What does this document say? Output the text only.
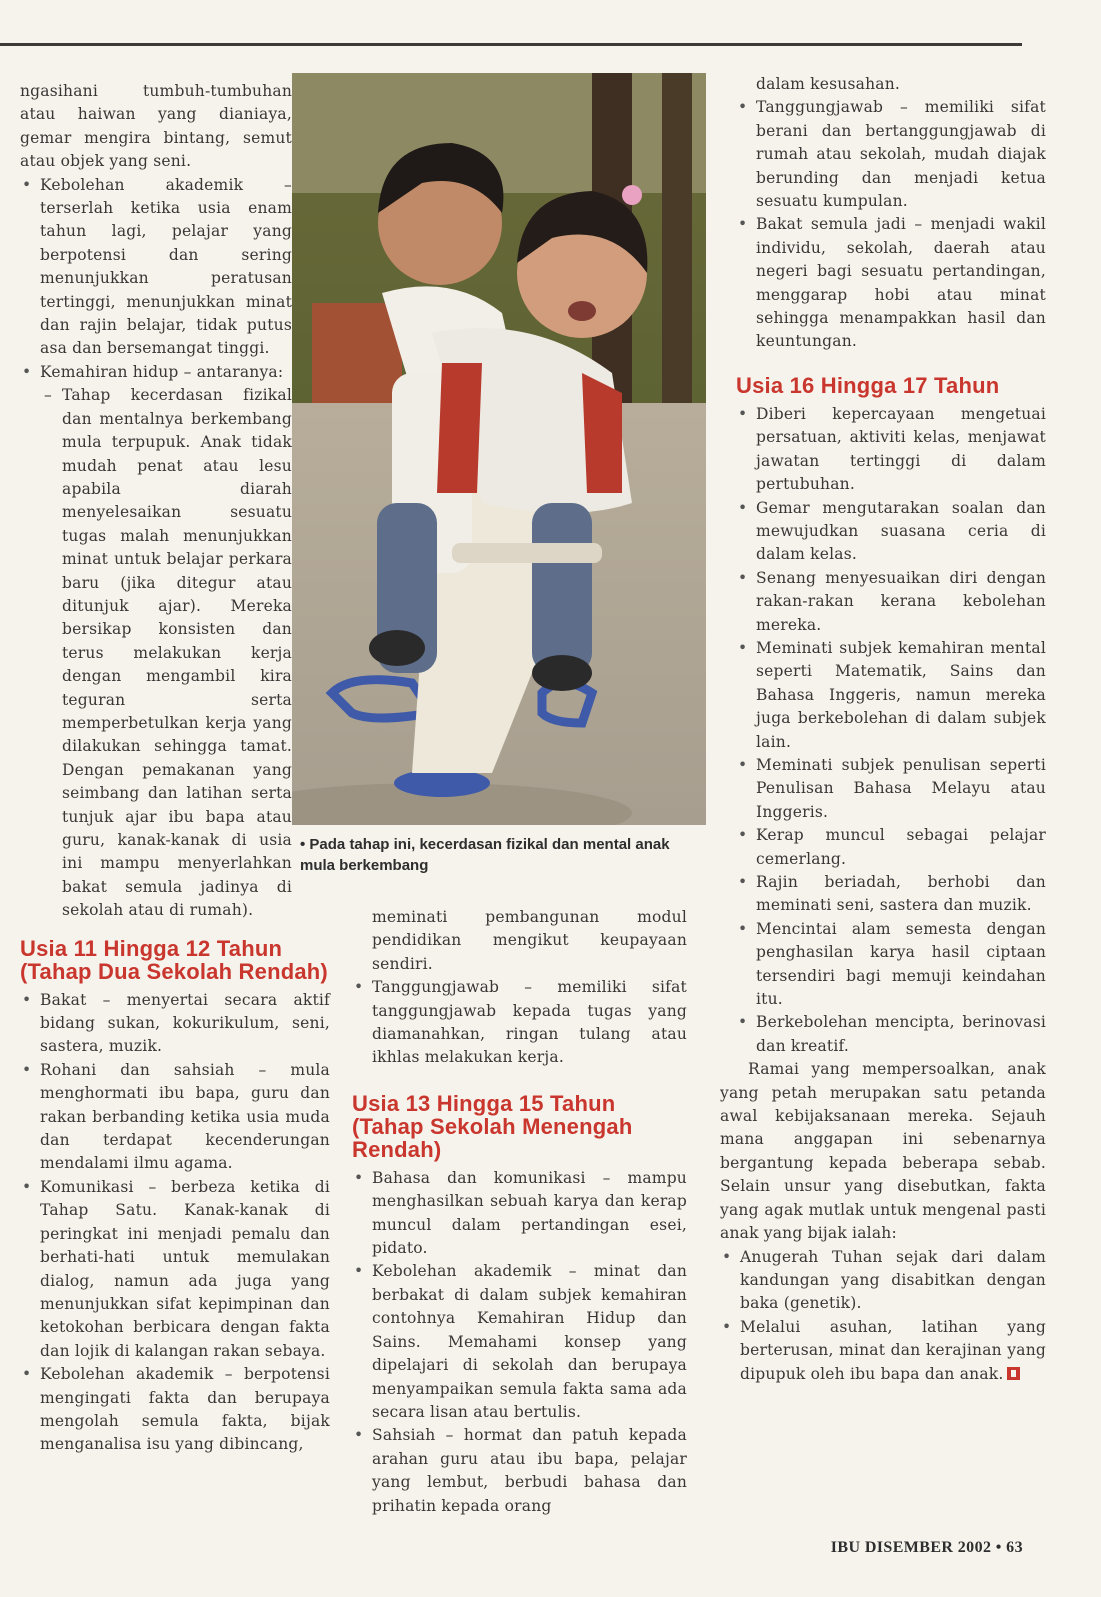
ngasihani tumbuh-tumbuhan atau haiwan yang dianiaya, gemar mengira bintang, semut atau objek yang seni.

• Kebolehan akademik – terserlah ketika usia enam tahun lagi, pelajar yang berpotensi dan sering menunjukkan peratusan tertinggi, menunjukkan minat dan rajin belajar, tidak putus asa dan bersemangat tinggi.
• Kemahiran hidup – antaranya:
– Tahap kecerdasan fizikal dan mentalnya berkembang mula terpupuk. Anak tidak mudah penat atau lesu apabila diarah menyelesaikan sesuatu tugas malah menunjukkan minat untuk belajar perkara baru (jika ditegur atau ditunjuk ajar). Mereka bersikap konsisten dan terus melakukan kerja dengan mengambil kira teguran serta memperbetulkan kerja yang dilakukan sehingga tamat. Dengan pemakanan yang seimbang dan latihan serta tunjuk ajar ibu bapa atau guru, kanak-kanak di usia ini mampu menyerlahkan bakat semula jadinya di sekolah atau di rumah).
Usia 11 Hingga 12 Tahun (Tahap Dua Sekolah Rendah)
• Bakat – menyertai secara aktif bidang sukan, kokurikulum, seni, sastera, muzik.
• Rohani dan sahsiah – mula menghormati ibu bapa, guru dan rakan berbanding ketika usia muda dan terdapat kecenderungan mendalami ilmu agama.
• Komunikasi – berbeza ketika di Tahap Satu. Kanak-kanak di peringkat ini menjadi pemalu dan berhati-hati untuk memulakan dialog, namun ada juga yang menunjukkan sifat kepimpinan dan ketokohan berbicara dengan fakta dan lojik di kalangan rakan sebaya.
• Kebolehan akademik – berpotensi mengingati fakta dan berupaya mengolah semula fakta, bijak menganalisa isu yang dibincang,
• Pada tahap ini, kecerdasan fizikal dan mental anak mula berkembang

meminati pembangunan modul pendidikan mengikut keupayaan sendiri.

• Tanggungjawab – memiliki sifat tanggungjawab kepada tugas yang diamanahkan, ringan tulang atau ikhlas melakukan kerja.
Usia 13 Hingga 15 Tahun (Tahap Sekolah Menengah Rendah)
• Bahasa dan komunikasi – mampu menghasilkan sebuah karya dan kerap muncul dalam pertandingan esei, pidato.
• Kebolehan akademik – minat dan berbakat di dalam subjek kemahiran contohnya Kemahiran Hidup dan Sains. Memahami konsep yang dipelajari di sekolah dan berupaya menyampaikan semula fakta sama ada secara lisan atau bertulis.
• Sahsiah – hormat dan patuh kepada arahan guru atau ibu bapa, pelajar yang lembut, berbudi bahasa dan prihatin kepada orang

dalam kesusahan.

• Tanggungjawab – memiliki sifat berani dan bertanggungjawab di rumah atau sekolah, mudah diajak berunding dan menjadi ketua sesuatu kumpulan.
• Bakat semula jadi – menjadi wakil individu, sekolah, daerah atau negeri bagi sesuatu pertandingan, menggarap hobi atau minat sehingga menampakkan hasil dan keuntungan.
Usia 16 Hingga 17 Tahun
• Diberi kepercayaan mengetuai persatuan, aktiviti kelas, menjawat jawatan tertinggi di dalam pertubuhan.
• Gemar mengutarakan soalan dan mewujudkan suasana ceria di dalam kelas.
• Senang menyesuaikan diri dengan rakan-rakan kerana kebolehan mereka.
• Meminati subjek kemahiran mental seperti Matematik, Sains dan Bahasa Inggeris, namun mereka juga berkebolehan di dalam subjek lain.
• Meminati subjek penulisan seperti Penulisan Bahasa Melayu atau Inggeris.
• Kerap muncul sebagai pelajar cemerlang.
• Rajin beriadah, berhobi dan meminati seni, sastera dan muzik.
• Mencintai alam semesta dengan penghasilan karya hasil ciptaan tersendiri bagi memuji keindahan itu.
• Berkebolehan mencipta, berinovasi dan kreatif.

Ramai yang mempersoalkan, anak yang petah merupakan satu petanda awal kebijaksanaan mereka. Sejauh mana anggapan ini sebenarnya bergantung kepada beberapa sebab. Selain unsur yang disebutkan, fakta yang agak mutlak untuk mengenal pasti anak yang bijak ialah:

• Anugerah Tuhan sejak dari dalam kandungan yang disabitkan dengan baka (genetik).
• Melalui asuhan, latihan yang berterusan, minat dan kerajinan yang dipupuk oleh ibu bapa dan anak.
IBU DISEMBER 2002 • 63
